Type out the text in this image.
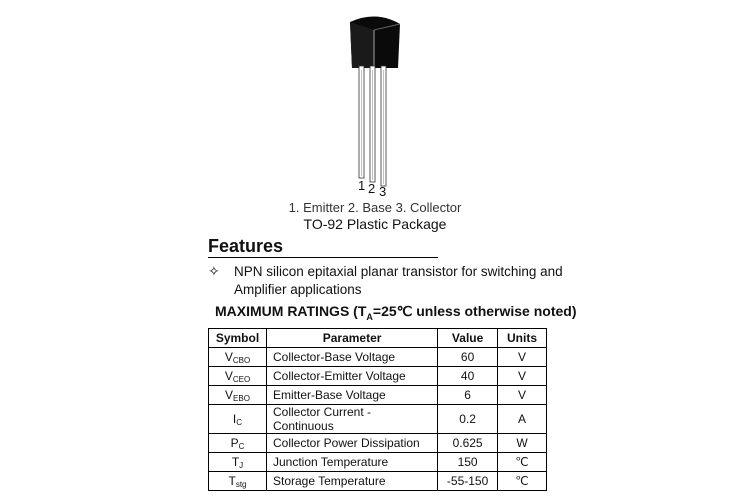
1 2 3
1. Emitter 2. Base 3. Collector
TO-92 Plastic Package
Features
✧ NPN silicon epitaxial planar transistor for switching and Amplifier applications
MAXIMUM RATINGS ($T_A=25℃$ unless otherwise noted)
Symbol	Parameter	Value	Units
$V_{CBO}$	Collector-Base Voltage	60	V
$V_{CEO}$	Collector-Emitter Voltage	40	V
$V_{EBO}$	Emitter-Base Voltage	6	V
$I_C$	Collector Current -Continuous	0.2	A
$P_C$	Collector Power Dissipation	0.625	W
$T_J$	Junction Temperature	150	℃
$T_{stg}$	Storage Temperature	-55-150	℃
